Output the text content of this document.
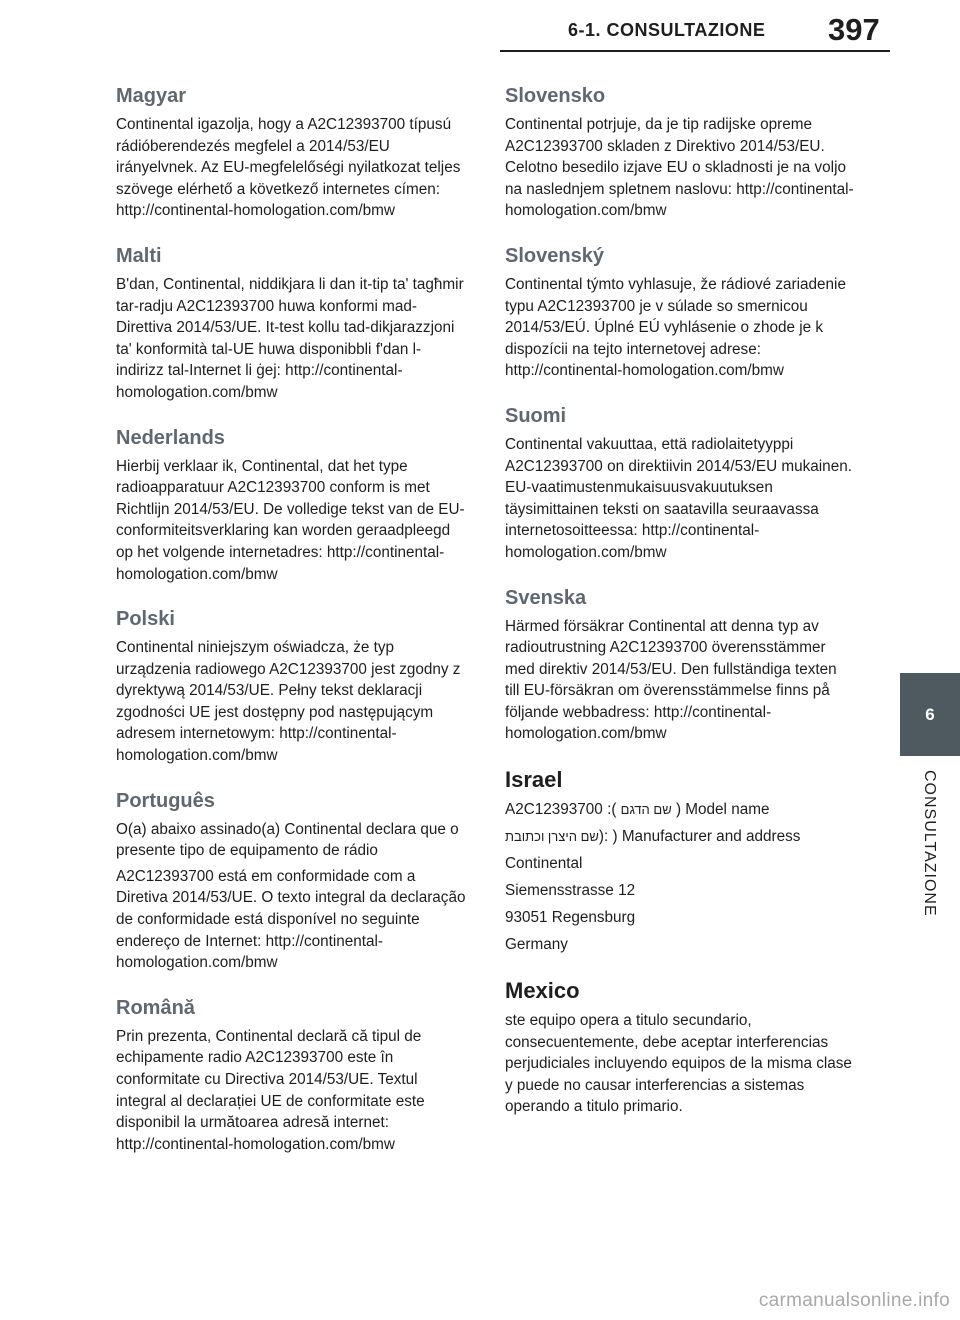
6-1. CONSULTAZIONE	397
6
CONSULTAZIONE
Magyar

Continental igazolja, hogy a A2C12393700 típusú rádióberendezés megfelel a 2014/53/EU irányelvnek. Az EU-megfelelőségi nyilatkozat teljes szövege elérhető a következő internetes címen: http://continental-homologation.com/bmw

Malti

B'dan, Continental, niddikjara li dan it-tip ta' tagħmir tar-radju A2C12393700 huwa konformi mad-Direttiva 2014/53/UE. It-test kollu tad-dikjarazzjoni ta' konformità tal-UE huwa disponibbli f'dan l-indirizz tal-Internet li ġej: http://continental-homologation.com/bmw

Nederlands

Hierbij verklaar ik, Continental, dat het type radioapparatuur A2C12393700 conform is met Richtlijn 2014/53/EU. De volledige tekst van de EU-conformiteitsverklaring kan worden geraadpleegd op het volgende internetadres: http://continental-homologation.com/bmw

Polski

Continental niniejszym oświadcza, że typ urządzenia radiowego A2C12393700 jest zgodny z dyrektywą 2014/53/UE. Pełny tekst deklaracji zgodności UE jest dostępny pod następującym adresem internetowym: http://continental-homologation.com/bmw

Português

O(a) abaixo assinado(a) Continental declara que o presente tipo de equipamento de rádio

A2C12393700 está em conformidade com a Diretiva 2014/53/UE. O texto integral da declaração de conformidade está disponível no seguinte endereço de Internet: http://continental-homologation.com/bmw

Română

Prin prezenta, Continental declară că tipul de echipamente radio A2C12393700 este în conformitate cu Directiva 2014/53/UE. Textul integral al declarației UE de conformitate este disponibil la următoarea adresă internet: http://continental-homologation.com/bmw

Slovensko

Continental potrjuje, da je tip radijske opreme A2C12393700 skladen z Direktivo 2014/53/EU. Celotno besedilo izjave EU o skladnosti je na voljo na naslednjem spletnem naslovu: http://continental-homologation.com/bmw

Slovenský

Continental týmto vyhlasuje, že rádiové zariadenie typu A2C12393700 je v súlade so smernicou 2014/53/EÚ. Úplné EÚ vyhlásenie o zhode je k dispozícii na tejto internetovej adrese: http://continental-homologation.com/bmw

Suomi

Continental vakuuttaa, että radiolaitetyyppi A2C12393700 on direktiivin 2014/53/EU mukainen. EU-vaatimustenmukaisuusvakuutuksen täysimittainen teksti on saatavilla seuraavassa internetosoitteessa: http://continental-homologation.com/bmw

Svenska

Härmed försäkrar Continental att denna typ av radioutrustning A2C12393700 överensstämmer med direktiv 2014/53/EU. Den fullständiga texten till EU-försäkran om överensstämmelse finns på följande webbadress: http://continental-homologation.com/bmw

Israel

A2C12393700 :( שם הדגם ) Model name

שם היצרן וכתובת): ) Manufacturer and address

Continental

Siemensstrasse 12

93051 Regensburg

Germany

Mexico

ste equipo opera a titulo secundario, consecuentemente, debe aceptar interferencias perjudiciales incluyendo equipos de la misma clase y puede no causar interferencias a sistemas operando a titulo primario.

carmanualsonline.info
